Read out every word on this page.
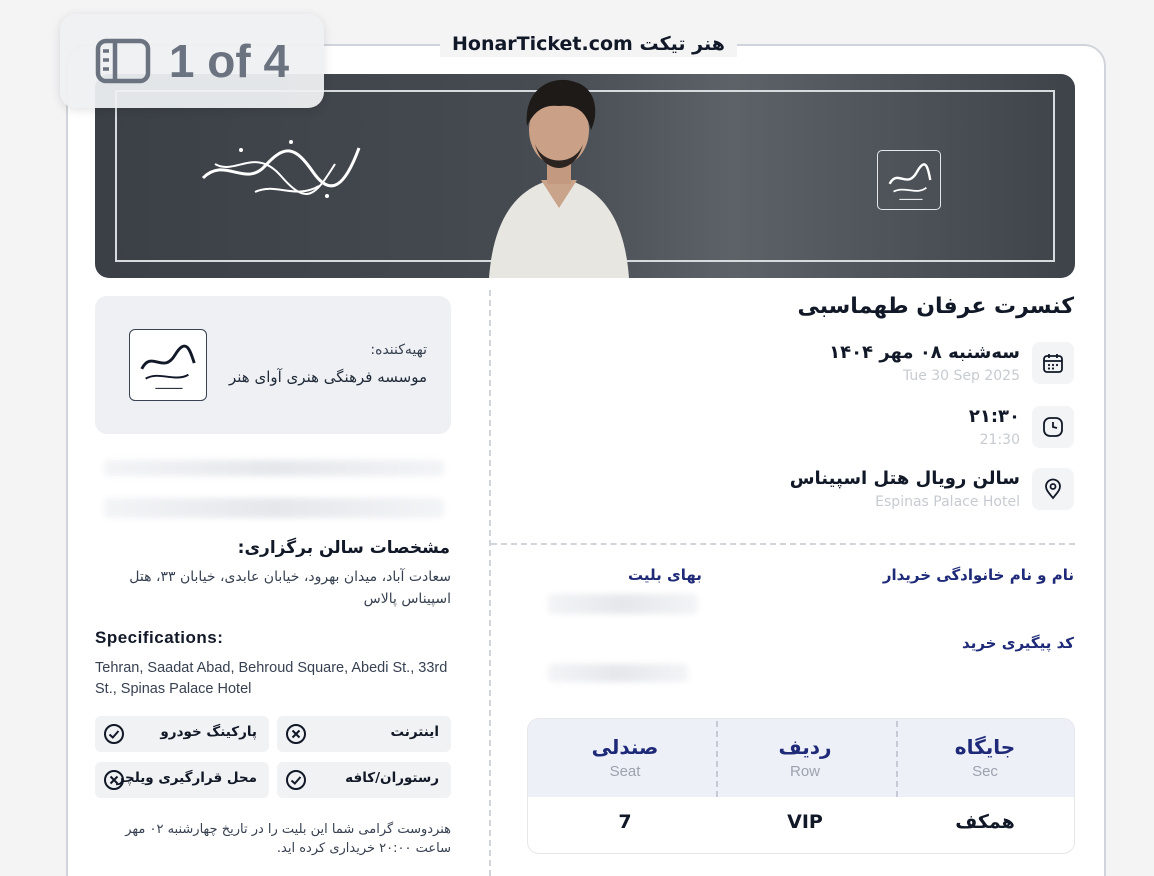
HonarTicket.com هنر تیکت
1 of 4
کنسرت عرفان طهماسبی
سه‌شنبه ۰۸ مهر ۱۴۰۴
Tue 30 Sep 2025
۲۱:۳۰
21:30
سالن رویال هتل اسپیناس
Espinas Palace Hotel
نام و نام خانوادگی خریدار
بهای بلیت
کد پیگیری خرید
صندلی
Seat
7
ردیف
Row
VIP
جایگاه
Sec
همکف
تهیه‌کننده:
موسسه فرهنگی هنری آوای هنر
مشخصات سالن برگزاری:
سعادت آباد، میدان بهرود، خیابان عابدی، خیابان ۳۳، هتل اسپیناس پالاس
Specifications:
Tehran, Saadat Abad, Behroud Square, Abedi St., 33rd St., Spinas Palace Hotel
اینترنت
پارکینگ خودرو
رستوران/کافه
محل قرارگیری ویلچر
هنردوست گرامی شما این بلیت را در تاریخ چهارشنبه ۰۲ مهر ساعت ۲۰:۰۰ خریداری کرده اید.
